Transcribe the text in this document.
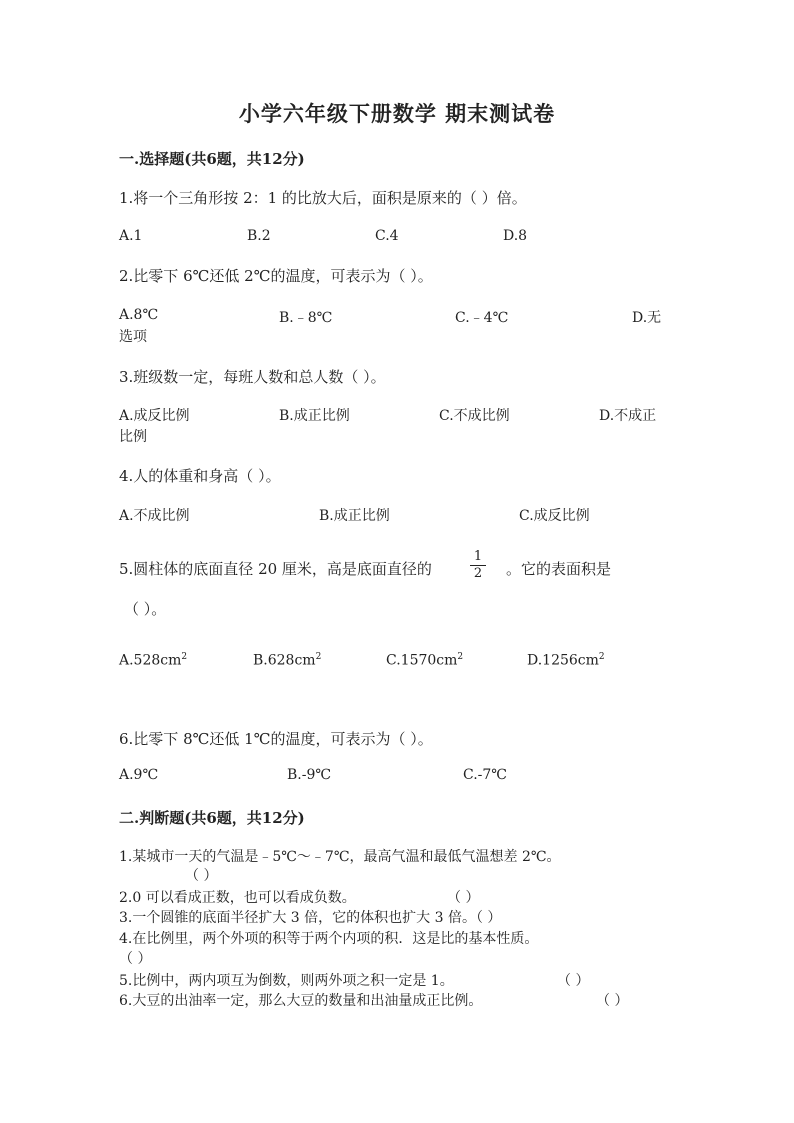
小学六年级下册数学 期末测试卷
一.选择题(共6题，共12分)
1.将一个三角形按 2：1 的比放大后，面积是原来的（ ）倍。
A.1	B.2	C.4	D.8
2.比零下 6℃还低 2℃的温度，可表示为（ ）。
A.8℃	B.﹣8℃	C.﹣4℃	D.无
选项
3.班级数一定，每班人数和总人数（ ）。
A.成反比例	B.成正比例	C.不成比例	D.不成正
比例
4.人的体重和身高（ ）。
A.不成比例	B.成正比例	C.成反比例
5.圆柱体的底面直径 20 厘米，高是底面直径的
1
2 。它的表面积是
（ ）。
$A.528cm^2$	$B.628cm^2$	$C.1570cm^2$	$D.1256cm^2$
6.比零下 8℃还低 1℃的温度，可表示为（ ）。
A.9℃	B.-9℃	C.-7℃
二.判断题(共6题，共12分)
1.某城市一天的气温是﹣5℃～﹣7℃，最高气温和最低气温想差 2℃。
（ ）
2.0 可以看成正数，也可以看成负数。	（ ）
3.一个圆锥的底面半径扩大 3 倍，它的体积也扩大 3 倍。（ ）
4.在比例里，两个外项的积等于两个内项的积．这是比的基本性质。
（ ）
5.比例中，两内项互为倒数，则两外项之积一定是 1。	（ ）
6.大豆的出油率一定，那么大豆的数量和出油量成正比例。	（ ）
